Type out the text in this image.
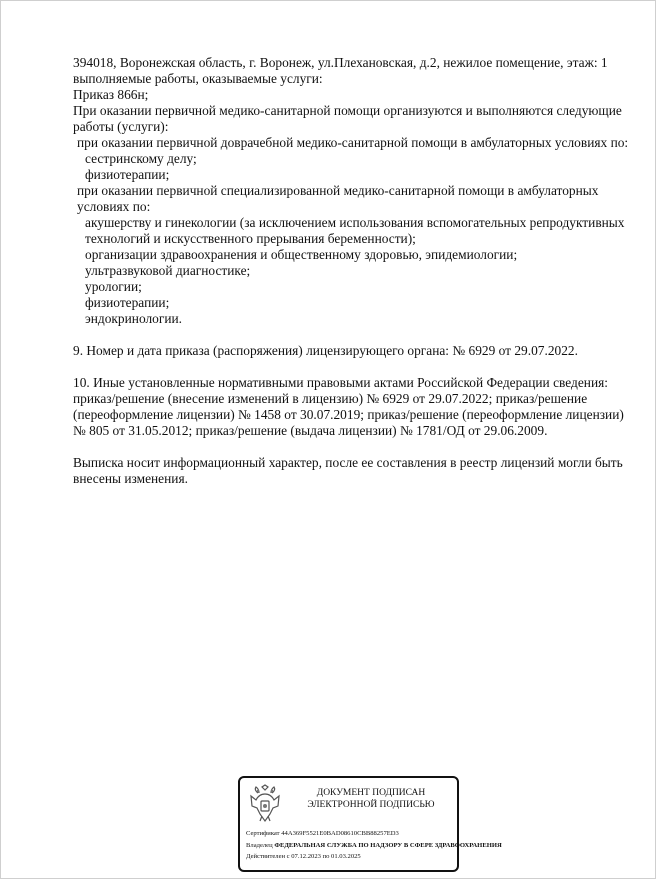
394018, Воронежская область, г. Воронеж, ул.Плехановская, д.2, нежилое помещение, этаж: 1

выполняемые работы, оказываемые услуги:

Приказ 866н;

При оказании первичной медико-санитарной помощи организуются и выполняются следующие работы (услуги):

при оказании первичной доврачебной медико-санитарной помощи в амбулаторных условиях по:

сестринскому делу;

физиотерапии;

при оказании первичной специализированной медико-санитарной помощи в амбулаторных условиях по:

акушерству и гинекологии (за исключением использования вспомогательных репродуктивных технологий и искусственного прерывания беременности);

организации здравоохранения и общественному здоровью, эпидемиологии;

ультразвуковой диагностике;

урологии;

физиотерапии;

эндокринологии.

9. Номер и дата приказа (распоряжения) лицензирующего органа: № 6929 от 29.07.2022.

10. Иные установленные нормативными правовыми актами Российской Федерации сведения: приказ/решение (внесение изменений в лицензию) № 6929 от 29.07.2022; приказ/решение (переоформление лицензии) № 1458 от 30.07.2019; приказ/решение (переоформление лицензии) № 805 от 31.05.2012; приказ/решение (выдача лицензии) № 1781/ОД от 29.06.2009.

Выписка носит информационный характер, после ее составления в реестр лицензий могли быть внесены изменения.

ДОКУМЕНТ ПОДПИСАН
ЭЛЕКТРОННОЙ ПОДПИСЬЮ
Сертификат 44A369F5521E0BAD08610CBB88257ED3
Владелец ФЕДЕРАЛЬНАЯ СЛУЖБА ПО НАДЗОРУ В СФЕРЕ ЗДРАВООХРАНЕНИЯ
Действителен с 07.12.2023 по 01.03.2025
